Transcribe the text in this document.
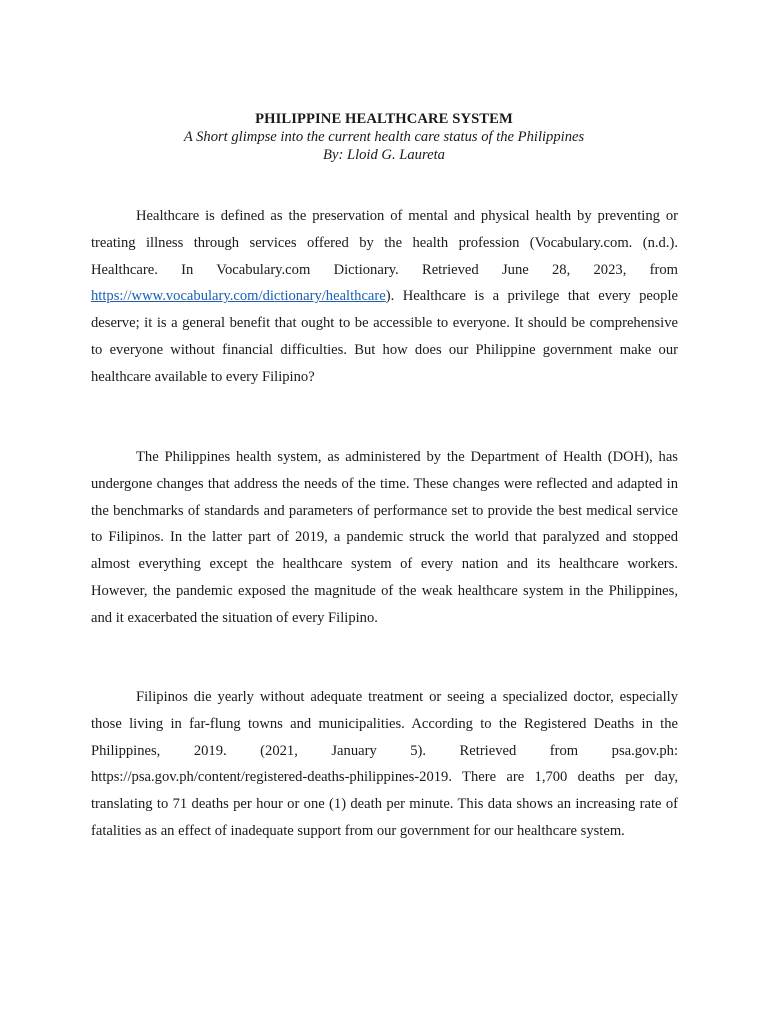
PHILIPPINE HEALTHCARE SYSTEM
A Short glimpse into the current health care status of the Philippines
By: Lloid G. Laureta

Healthcare is defined as the preservation of mental and physical health by preventing or treating illness through services offered by the health profession (Vocabulary.com. (n.d.). Healthcare. In Vocabulary.com Dictionary. Retrieved June 28, 2023, from https://www.vocabulary.com/dictionary/healthcare). Healthcare is a privilege that every people deserve; it is a general benefit that ought to be accessible to everyone. It should be comprehensive to everyone without financial difficulties. But how does our Philippine government make our healthcare available to every Filipino?

The Philippines health system, as administered by the Department of Health (DOH), has undergone changes that address the needs of the time. These changes were reflected and adapted in the benchmarks of standards and parameters of performance set to provide the best medical service to Filipinos. In the latter part of 2019, a pandemic struck the world that paralyzed and stopped almost everything except the healthcare system of every nation and its healthcare workers. However, the pandemic exposed the magnitude of the weak healthcare system in the Philippines, and it exacerbated the situation of every Filipino.

Filipinos die yearly without adequate treatment or seeing a specialized doctor, especially those living in far-flung towns and municipalities. According to the Registered Deaths in the Philippines, 2019. (2021, January 5). Retrieved from psa.gov.ph: https://psa.gov.ph/content/registered-deaths-philippines-2019. There are 1,700 deaths per day, translating to 71 deaths per hour or one (1) death per minute. This data shows an increasing rate of fatalities as an effect of inadequate support from our government for our healthcare system.
